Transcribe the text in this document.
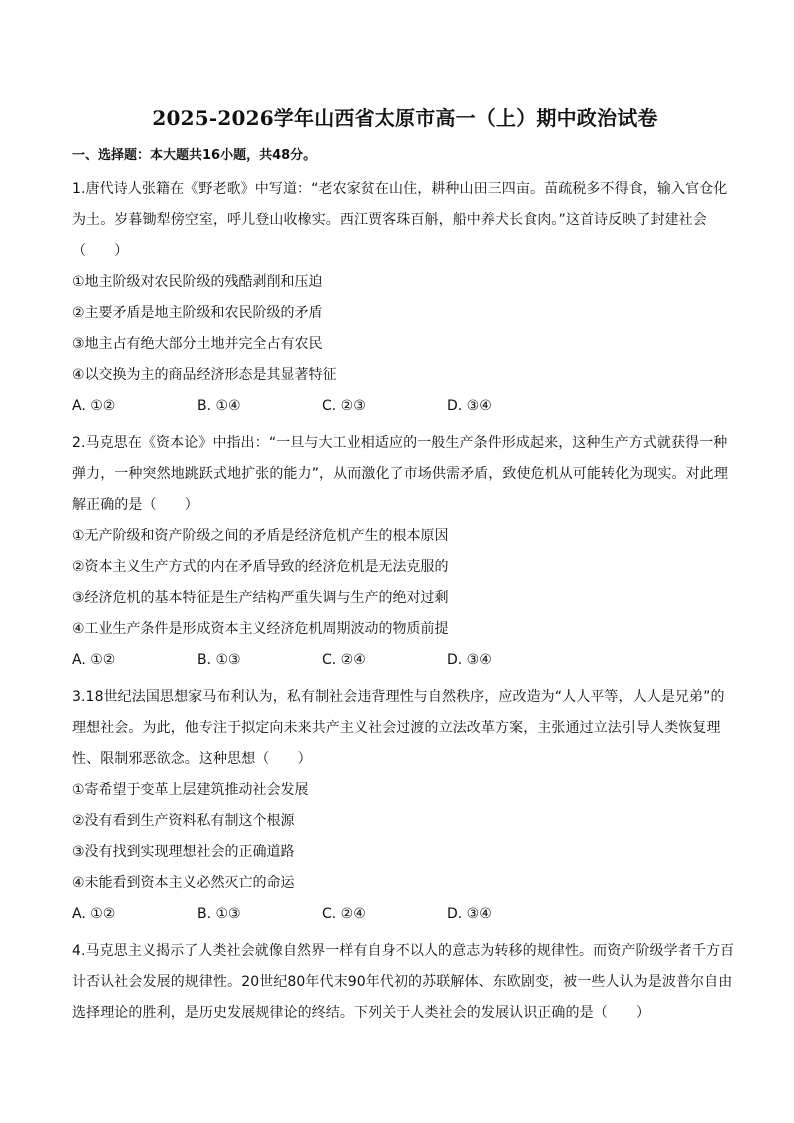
2025-2026学年山西省太原市高一（上）期中政治试卷
一、选择题：本大题共16小题，共48分。

1.唐代诗人张籍在《野老歌》中写道：“老农家贫在山住，耕种山田三四亩。苗疏税多不得食，输入官仓化为土。岁暮锄犁傍空室，呼儿登山收橡实。西江贾客珠百斛，船中养犬长食肉。”这首诗反映了封建社会（　　）

①地主阶级对农民阶级的残酷剥削和压迫

②主要矛盾是地主阶级和农民阶级的矛盾

③地主占有绝大部分土地并完全占有农民

④以交换为主的商品经济形态是其显著特征

A. ①②	B. ①④	C. ②③	D. ③④

2.马克思在《资本论》中指出：“一旦与大工业相适应的一般生产条件形成起来，这种生产方式就获得一种弹力，一种突然地跳跃式地扩张的能力”，从而激化了市场供需矛盾，致使危机从可能转化为现实。对此理解正确的是（　　）

①无产阶级和资产阶级之间的矛盾是经济危机产生的根本原因

②资本主义生产方式的内在矛盾导致的经济危机是无法克服的

③经济危机的基本特征是生产结构严重失调与生产的绝对过剩

④工业生产条件是形成资本主义经济危机周期波动的物质前提

A. ①②	B. ①③	C. ②④	D. ③④

3.18世纪法国思想家马布利认为，私有制社会违背理性与自然秩序，应改造为“人人平等，人人是兄弟”的理想社会。为此，他专注于拟定向未来共产主义社会过渡的立法改革方案，主张通过立法引导人类恢复理性、限制邪恶欲念。这种思想（　　）

①寄希望于变革上层建筑推动社会发展

②没有看到生产资料私有制这个根源

③没有找到实现理想社会的正确道路

④未能看到资本主义必然灭亡的命运

A. ①②	B. ①③	C. ②④	D. ③④

4.马克思主义揭示了人类社会就像自然界一样有自身不以人的意志为转移的规律性。而资产阶级学者千方百计否认社会发展的规律性。20世纪80年代末90年代初的苏联解体、东欧剧变，被一些人认为是波普尔自由选择理论的胜利，是历史发展规律论的终结。下列关于人类社会的发展认识正确的是（　　）
